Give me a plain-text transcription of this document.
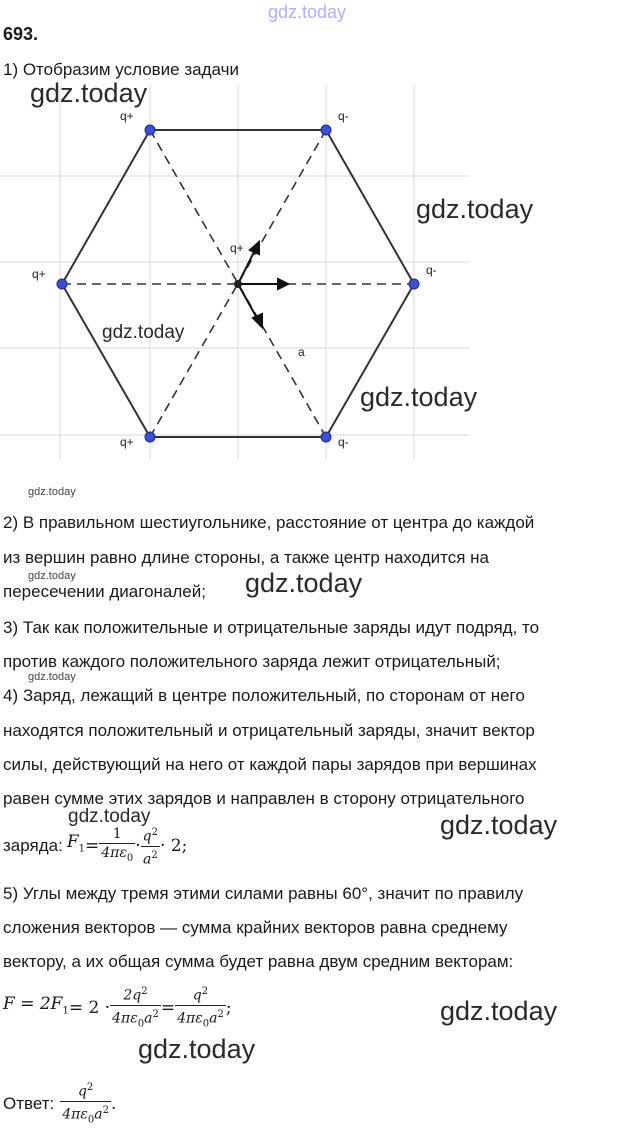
gdz.today
693.
1) Отобразим условие задачи
q+	q-
q+	q-
q+	q-
q+
a
gdz.today
gdz.today
gdz.today
gdz.today
gdz.today
2) В правильном шестиугольнике, расстояние от центра до каждой
из вершин равно длине стороны, а также центр находится на
gdz.today
пересечении диагоналей; gdz.today
3) Так как положительные и отрицательные заряды идут подряд, то
против каждого положительного заряда лежит отрицательный;
gdz.today
4) Заряд, лежащий в центре положительный, по сторонам от него
находятся положительный и отрицательный заряды, значит вектор
силы, действующий на него от каждой пары зарядов при вершинах
равен сумме этих зарядов и направлен в сторону отрицательного
gdz.today	gdz.today
заряда: $F_1 = \frac{1}{4\pi\varepsilon_0} \cdot \frac{q^2}{a^2} \cdot 2$;
5) Углы между тремя этими силами равны 60°, значит по правилу
сложения векторов — сумма крайних векторов равна среднему
вектору, а их общая сумма будет равна двум средним векторам:
$F = 2F_1 = 2 \cdot \frac{2q^2}{4\pi\varepsilon_0a^2} = \frac{q^2}{4\pi\varepsilon_0a^2}$ ;	gdz.today
gdz.today
Ответ: $\frac{q^2}{4\pi\varepsilon_0a^2}$ .
